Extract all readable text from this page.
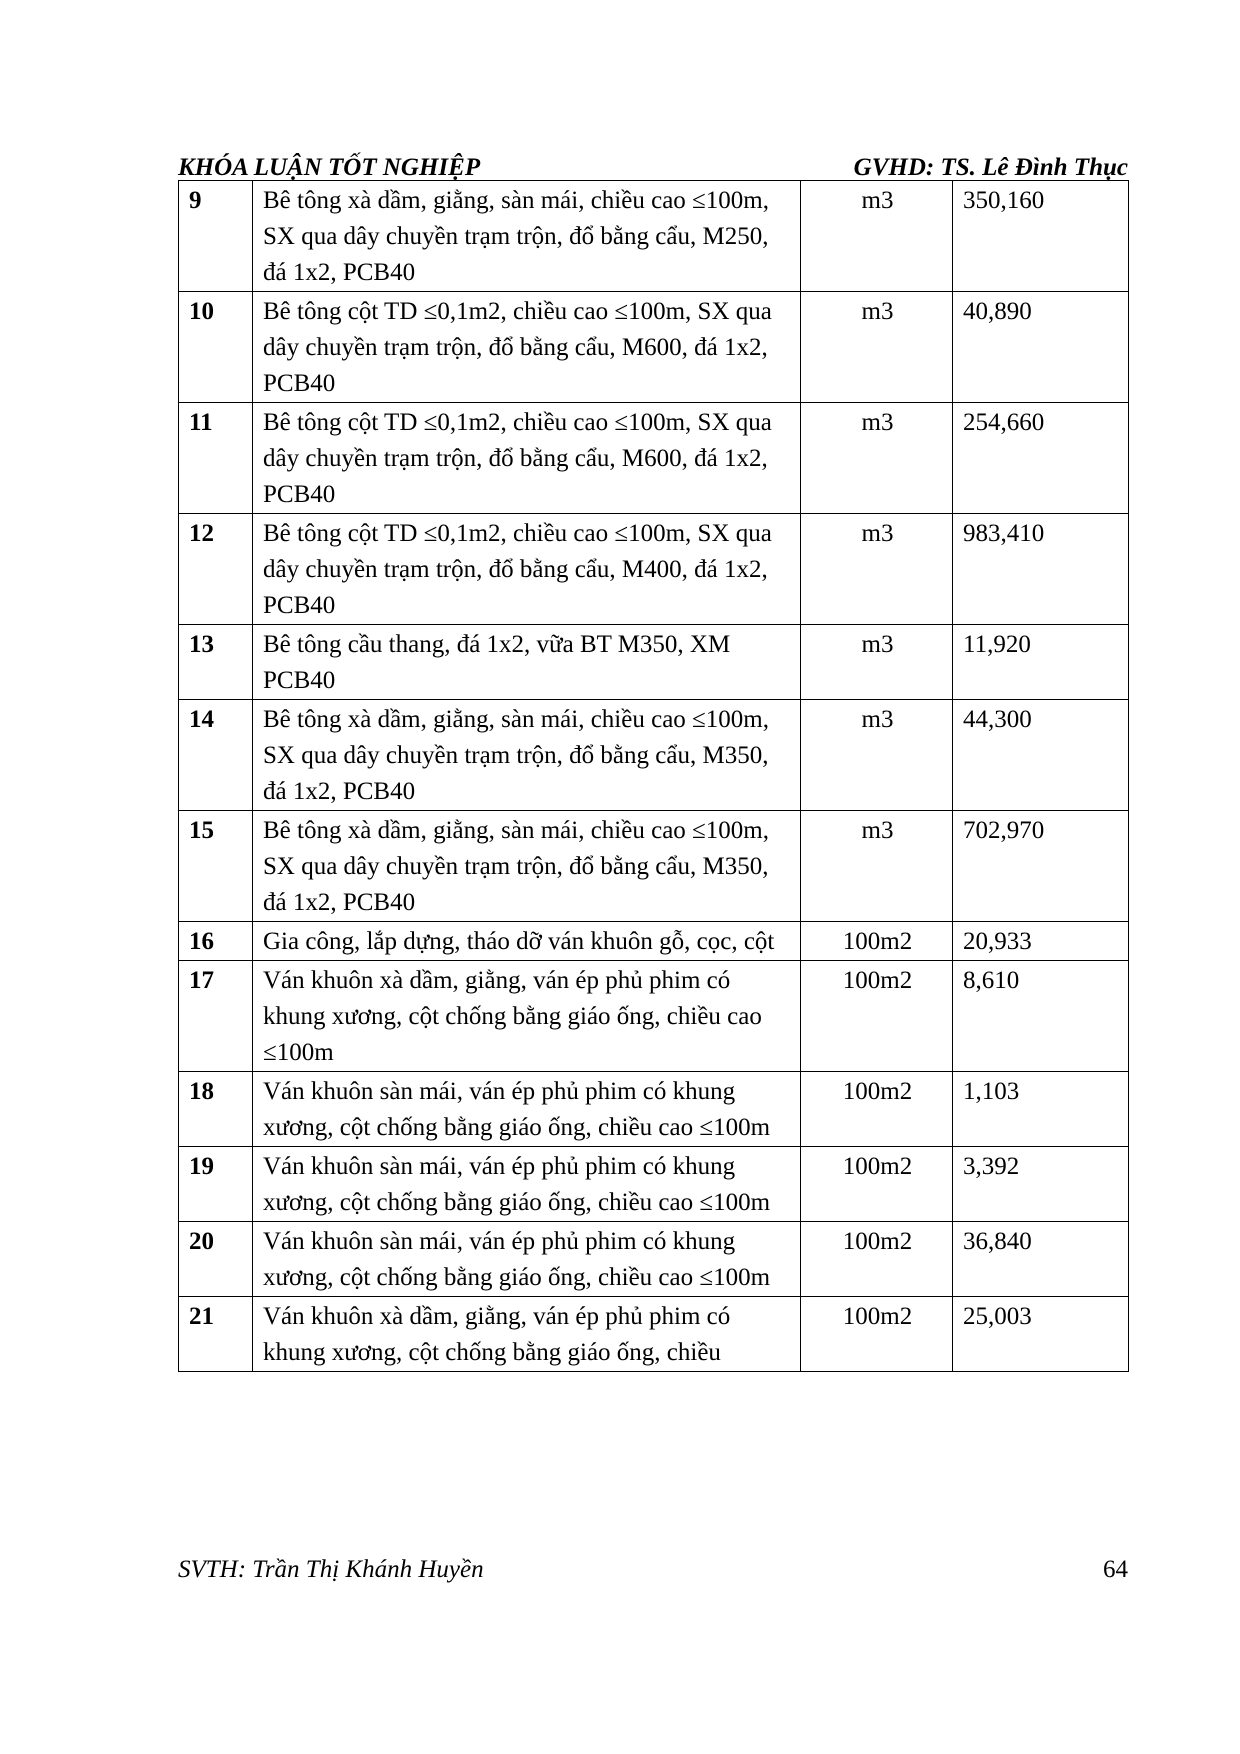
KHÓA LUẬN TỐT NGHIỆP	GVHD: TS. Lê Đình Thục
9	Bê tông xà dầm, giằng, sàn mái, chiều cao ≤100m, SX qua dây chuyền trạm trộn, đổ bằng cẩu, M250, đá 1x2, PCB40	m3	350,160
10	Bê tông cột TD ≤0,1m2, chiều cao ≤100m, SX qua dây chuyền trạm trộn, đổ bằng cẩu, M600, đá 1x2, PCB40	m3	40,890
11	Bê tông cột TD ≤0,1m2, chiều cao ≤100m, SX qua dây chuyền trạm trộn, đổ bằng cẩu, M600, đá 1x2, PCB40	m3	254,660
12	Bê tông cột TD ≤0,1m2, chiều cao ≤100m, SX qua dây chuyền trạm trộn, đổ bằng cẩu, M400, đá 1x2, PCB40	m3	983,410
13	Bê tông cầu thang, đá 1x2, vữa BT M350, XM PCB40	m3	11,920
14	Bê tông xà dầm, giằng, sàn mái, chiều cao ≤100m, SX qua dây chuyền trạm trộn, đổ bằng cẩu, M350, đá 1x2, PCB40	m3	44,300
15	Bê tông xà dầm, giằng, sàn mái, chiều cao ≤100m, SX qua dây chuyền trạm trộn, đổ bằng cẩu, M350, đá 1x2, PCB40	m3	702,970
16	Gia công, lắp dựng, tháo dỡ ván khuôn gỗ, cọc, cột	100m2	20,933
17	Ván khuôn xà dầm, giằng, ván ép phủ phim có khung xương, cột chống bằng giáo ống, chiều cao ≤100m	100m2	8,610
18	Ván khuôn sàn mái, ván ép phủ phim có khung xương, cột chống bằng giáo ống, chiều cao ≤100m	100m2	1,103
19	Ván khuôn sàn mái, ván ép phủ phim có khung xương, cột chống bằng giáo ống, chiều cao ≤100m	100m2	3,392
20	Ván khuôn sàn mái, ván ép phủ phim có khung xương, cột chống bằng giáo ống, chiều cao ≤100m	100m2	36,840
21	Ván khuôn xà dầm, giằng, ván ép phủ phim có khung xương, cột chống bằng giáo ống, chiều	100m2	25,003
SVTH: Trần Thị Khánh Huyền	64
